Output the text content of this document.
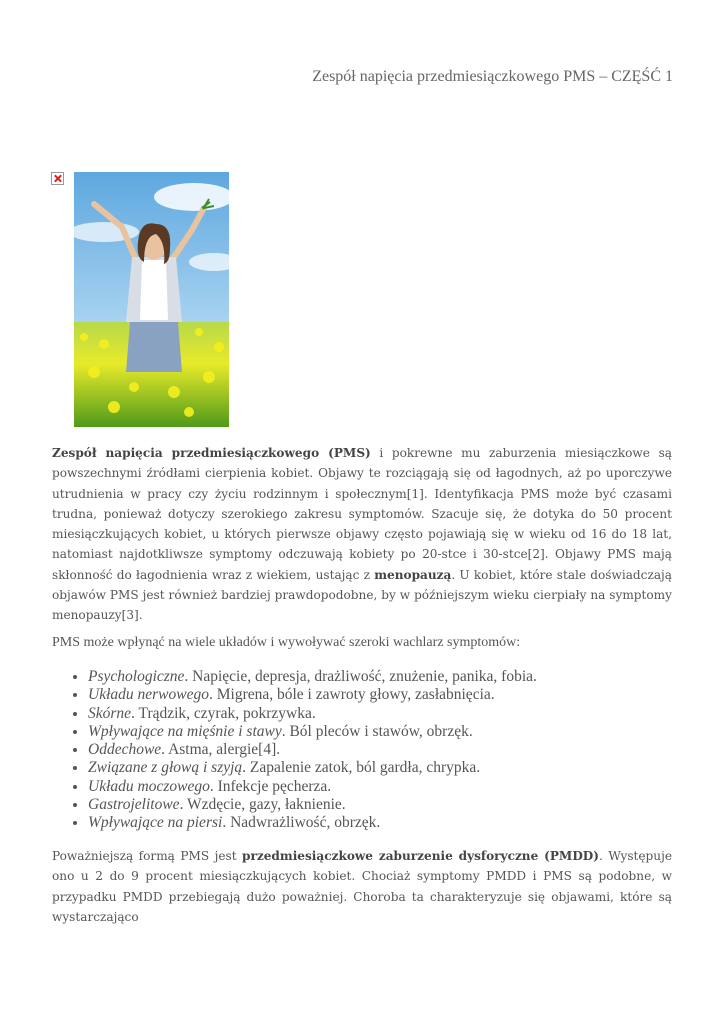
Zespół napięcia przedmiesiączkowego PMS – CZĘŚĆ 1

Zespół napięcia przedmiesiączkowego (PMS) i pokrewne mu zaburzenia miesiączkowe są powszechnymi źródłami cierpienia kobiet. Objawy te rozciągają się od łagodnych, aż po uporczywe utrudnienia w pracy czy życiu rodzinnym i społecznym[1]. Identyfikacja PMS może być czasami trudna, ponieważ dotyczy szerokiego zakresu symptomów. Szacuje się, że dotyka do 50 procent miesiączkujących kobiet, u których pierwsze objawy często pojawiają się w wieku od 16 do 18 lat, natomiast najdotkliwsze symptomy odczuwają kobiety po 20-stce i 30-stce[2]. Objawy PMS mają skłonność do łagodnienia wraz z wiekiem, ustając z menopauzą. U kobiet, które stale doświadczają objawów PMS jest również bardziej prawdopodobne, by w późniejszym wieku cierpiały na symptomy menopauzy[3].

PMS może wpłynąć na wiele układów i wywoływać szeroki wachlarz symptomów:

• Psychologiczne. Napięcie, depresja, drażliwość, znużenie, panika, fobia.
• Układu nerwowego. Migrena, bóle i zawroty głowy, zasłabnięcia.
• Skórne. Trądzik, czyrak, pokrzywka.
• Wpływające na mięśnie i stawy. Ból pleców i stawów, obrzęk.
• Oddechowe. Astma, alergie[4].
• Związane z głową i szyją. Zapalenie zatok, ból gardła, chrypka.
• Układu moczowego. Infekcje pęcherza.
• Gastrojelitowe. Wzdęcie, gazy, łaknienie.
• Wpływające na piersi. Nadwrażliwość, obrzęk.

Poważniejszą formą PMS jest przedmiesiączkowe zaburzenie dysforyczne (PMDD). Występuje ono u 2 do 9 procent miesiączkujących kobiet. Chociaż symptomy PMDD i PMS są podobne, w przypadku PMDD przebiegają dużo poważniej. Choroba ta charakteryzuje się objawami, które są wystarczająco
